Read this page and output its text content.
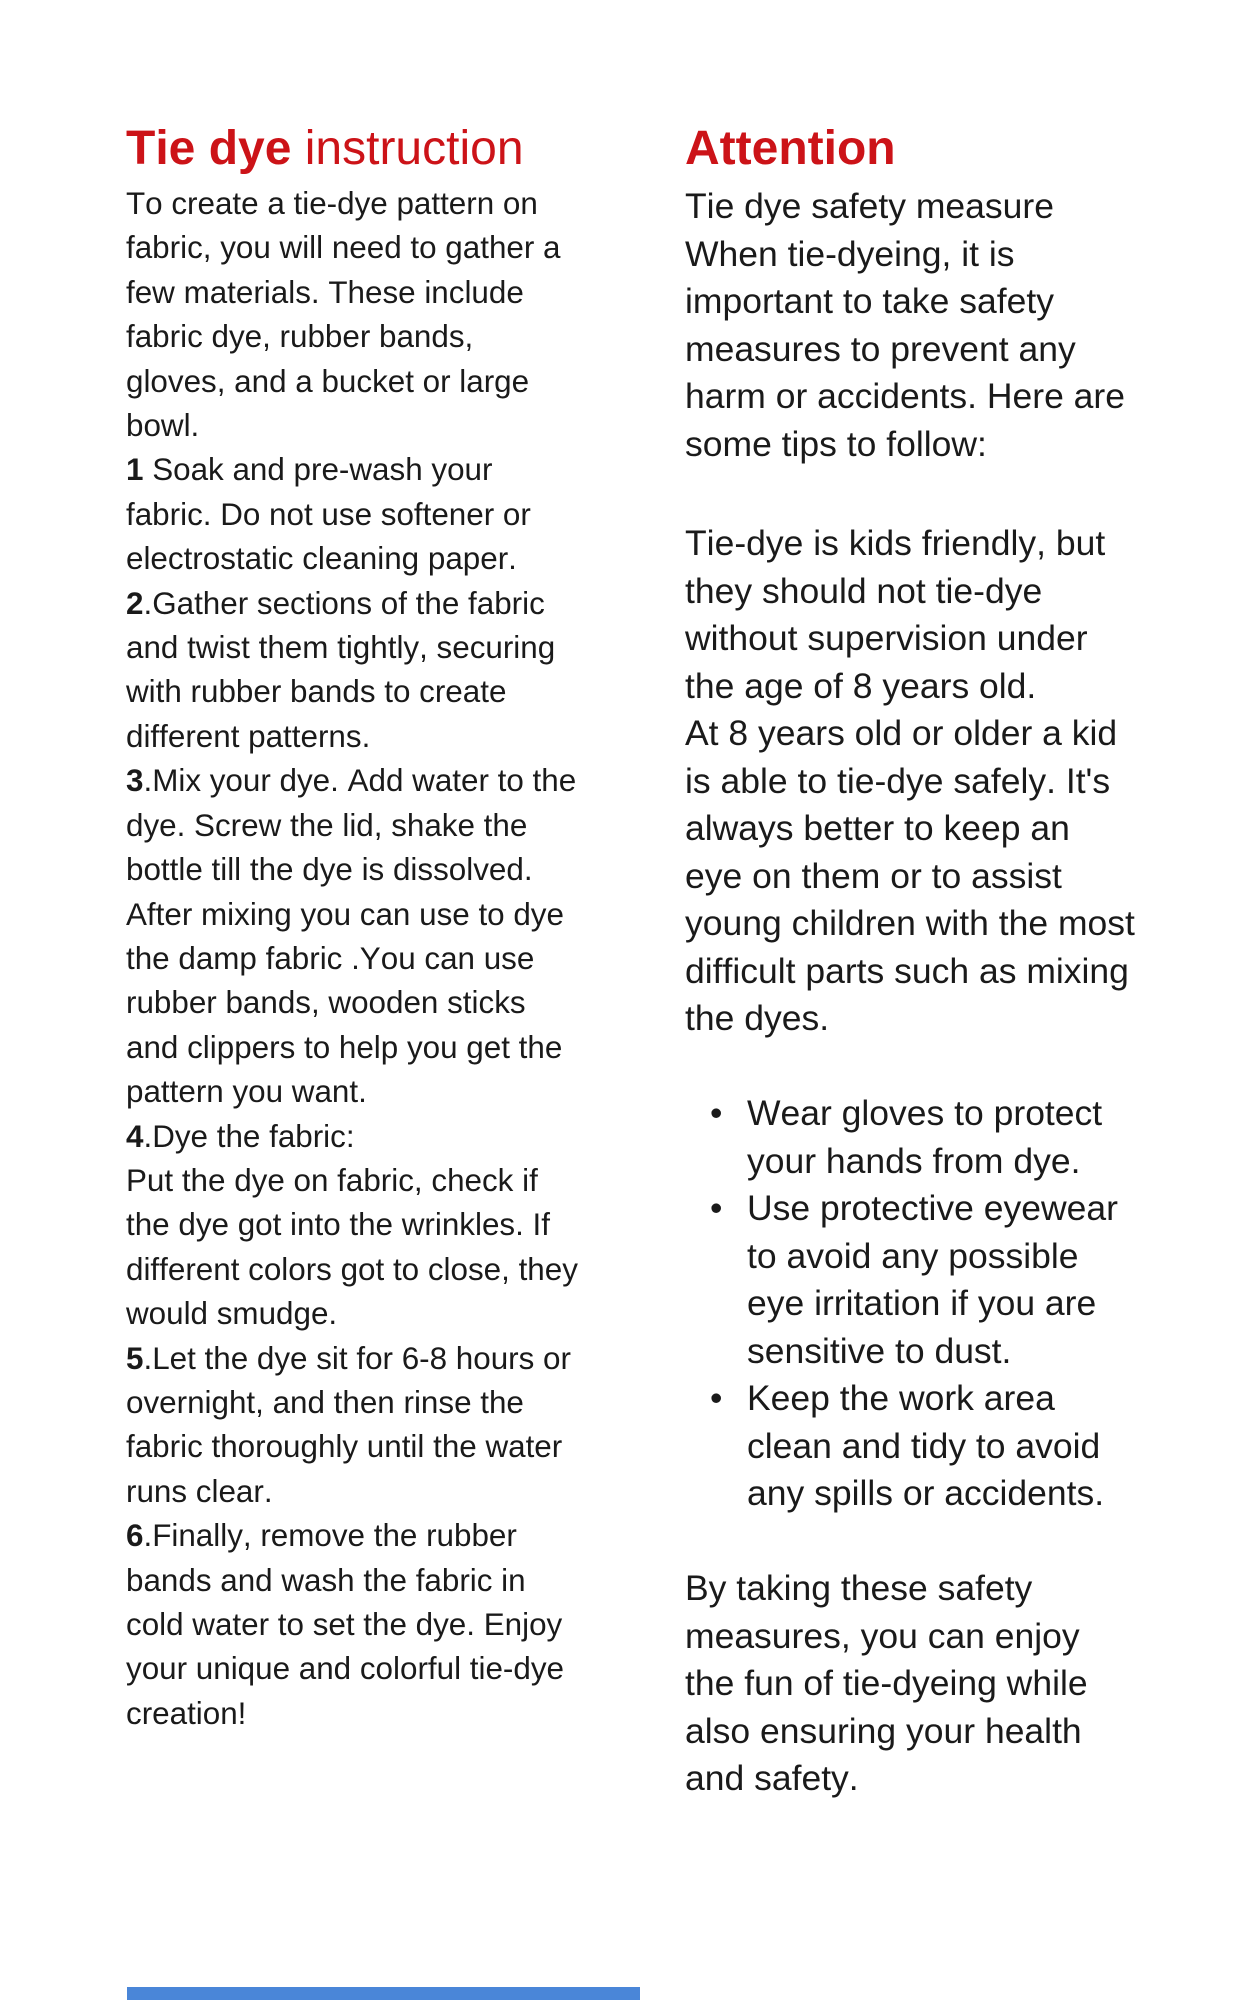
Tie dye instruction

To create a tie-dye pattern on fabric, you will need to gather a few materials. These include fabric dye, rubber bands, gloves, and a bucket or large bowl.

1 Soak and pre-wash your fabric. Do not use softener or electrostatic cleaning paper.

2.Gather sections of the fabric and twist them tightly, securing with rubber bands to create different patterns.

3.Mix your dye. Add water to the dye. Screw the lid, shake the bottle till the dye is dissolved. After mixing you can use to dye the damp fabric .You can use rubber bands, wooden sticks and clippers to help you get the pattern you want.

4.Dye the fabric:

Put the dye on fabric, check if the dye got into the wrinkles. If different colors got to close, they would smudge.

5.Let the dye sit for 6-8 hours or overnight, and then rinse the fabric thoroughly until the water runs clear.

6.Finally, remove the rubber bands and wash the fabric in cold water to set the dye. Enjoy your unique and colorful tie-dye creation!

Attention

Tie dye safety measure

When tie-dyeing, it is important to take safety measures to prevent any harm or accidents. Here are some tips to follow:

Tie-dye is kids friendly, but they should not tie-dye without supervision under the age of 8 years old.

At 8 years old or older a kid is able to tie-dye safely. It's always better to keep an eye on them or to assist young children with the most difficult parts such as mixing the dyes.

• Wear gloves to protect your hands from dye.
• Use protective eyewear to avoid any possible eye irritation if you are sensitive to dust.
• Keep the work area clean and tidy to avoid any spills or accidents.

By taking these safety measures, you can enjoy the fun of tie-dyeing while also ensuring your health and safety.
